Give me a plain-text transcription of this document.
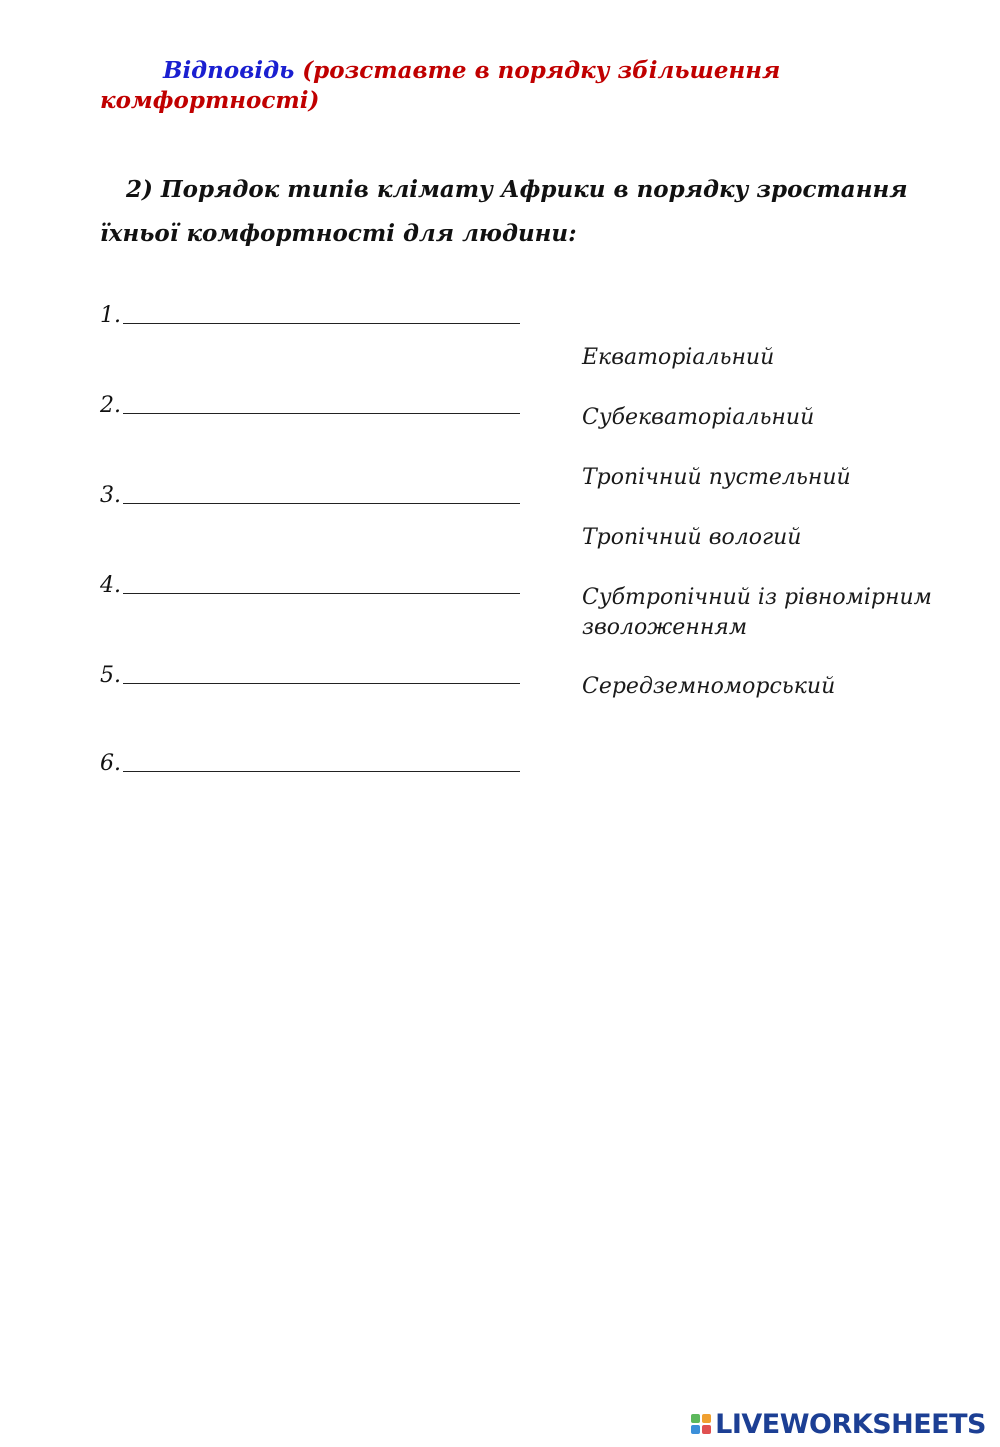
Відповідь (розставте в порядку збільшення комфортності)
2) Порядок типів клімату Африки в порядку зростання їхньої комфортності для людини:
1.
2.
3.
4.
5.
6.
Екваторіальний
Субекваторіальний
Тропічний пустельний
Тропічний вологий
Субтропічний із рівномірним зволоженням
Середземноморський
LIVEWORKSHEETS
